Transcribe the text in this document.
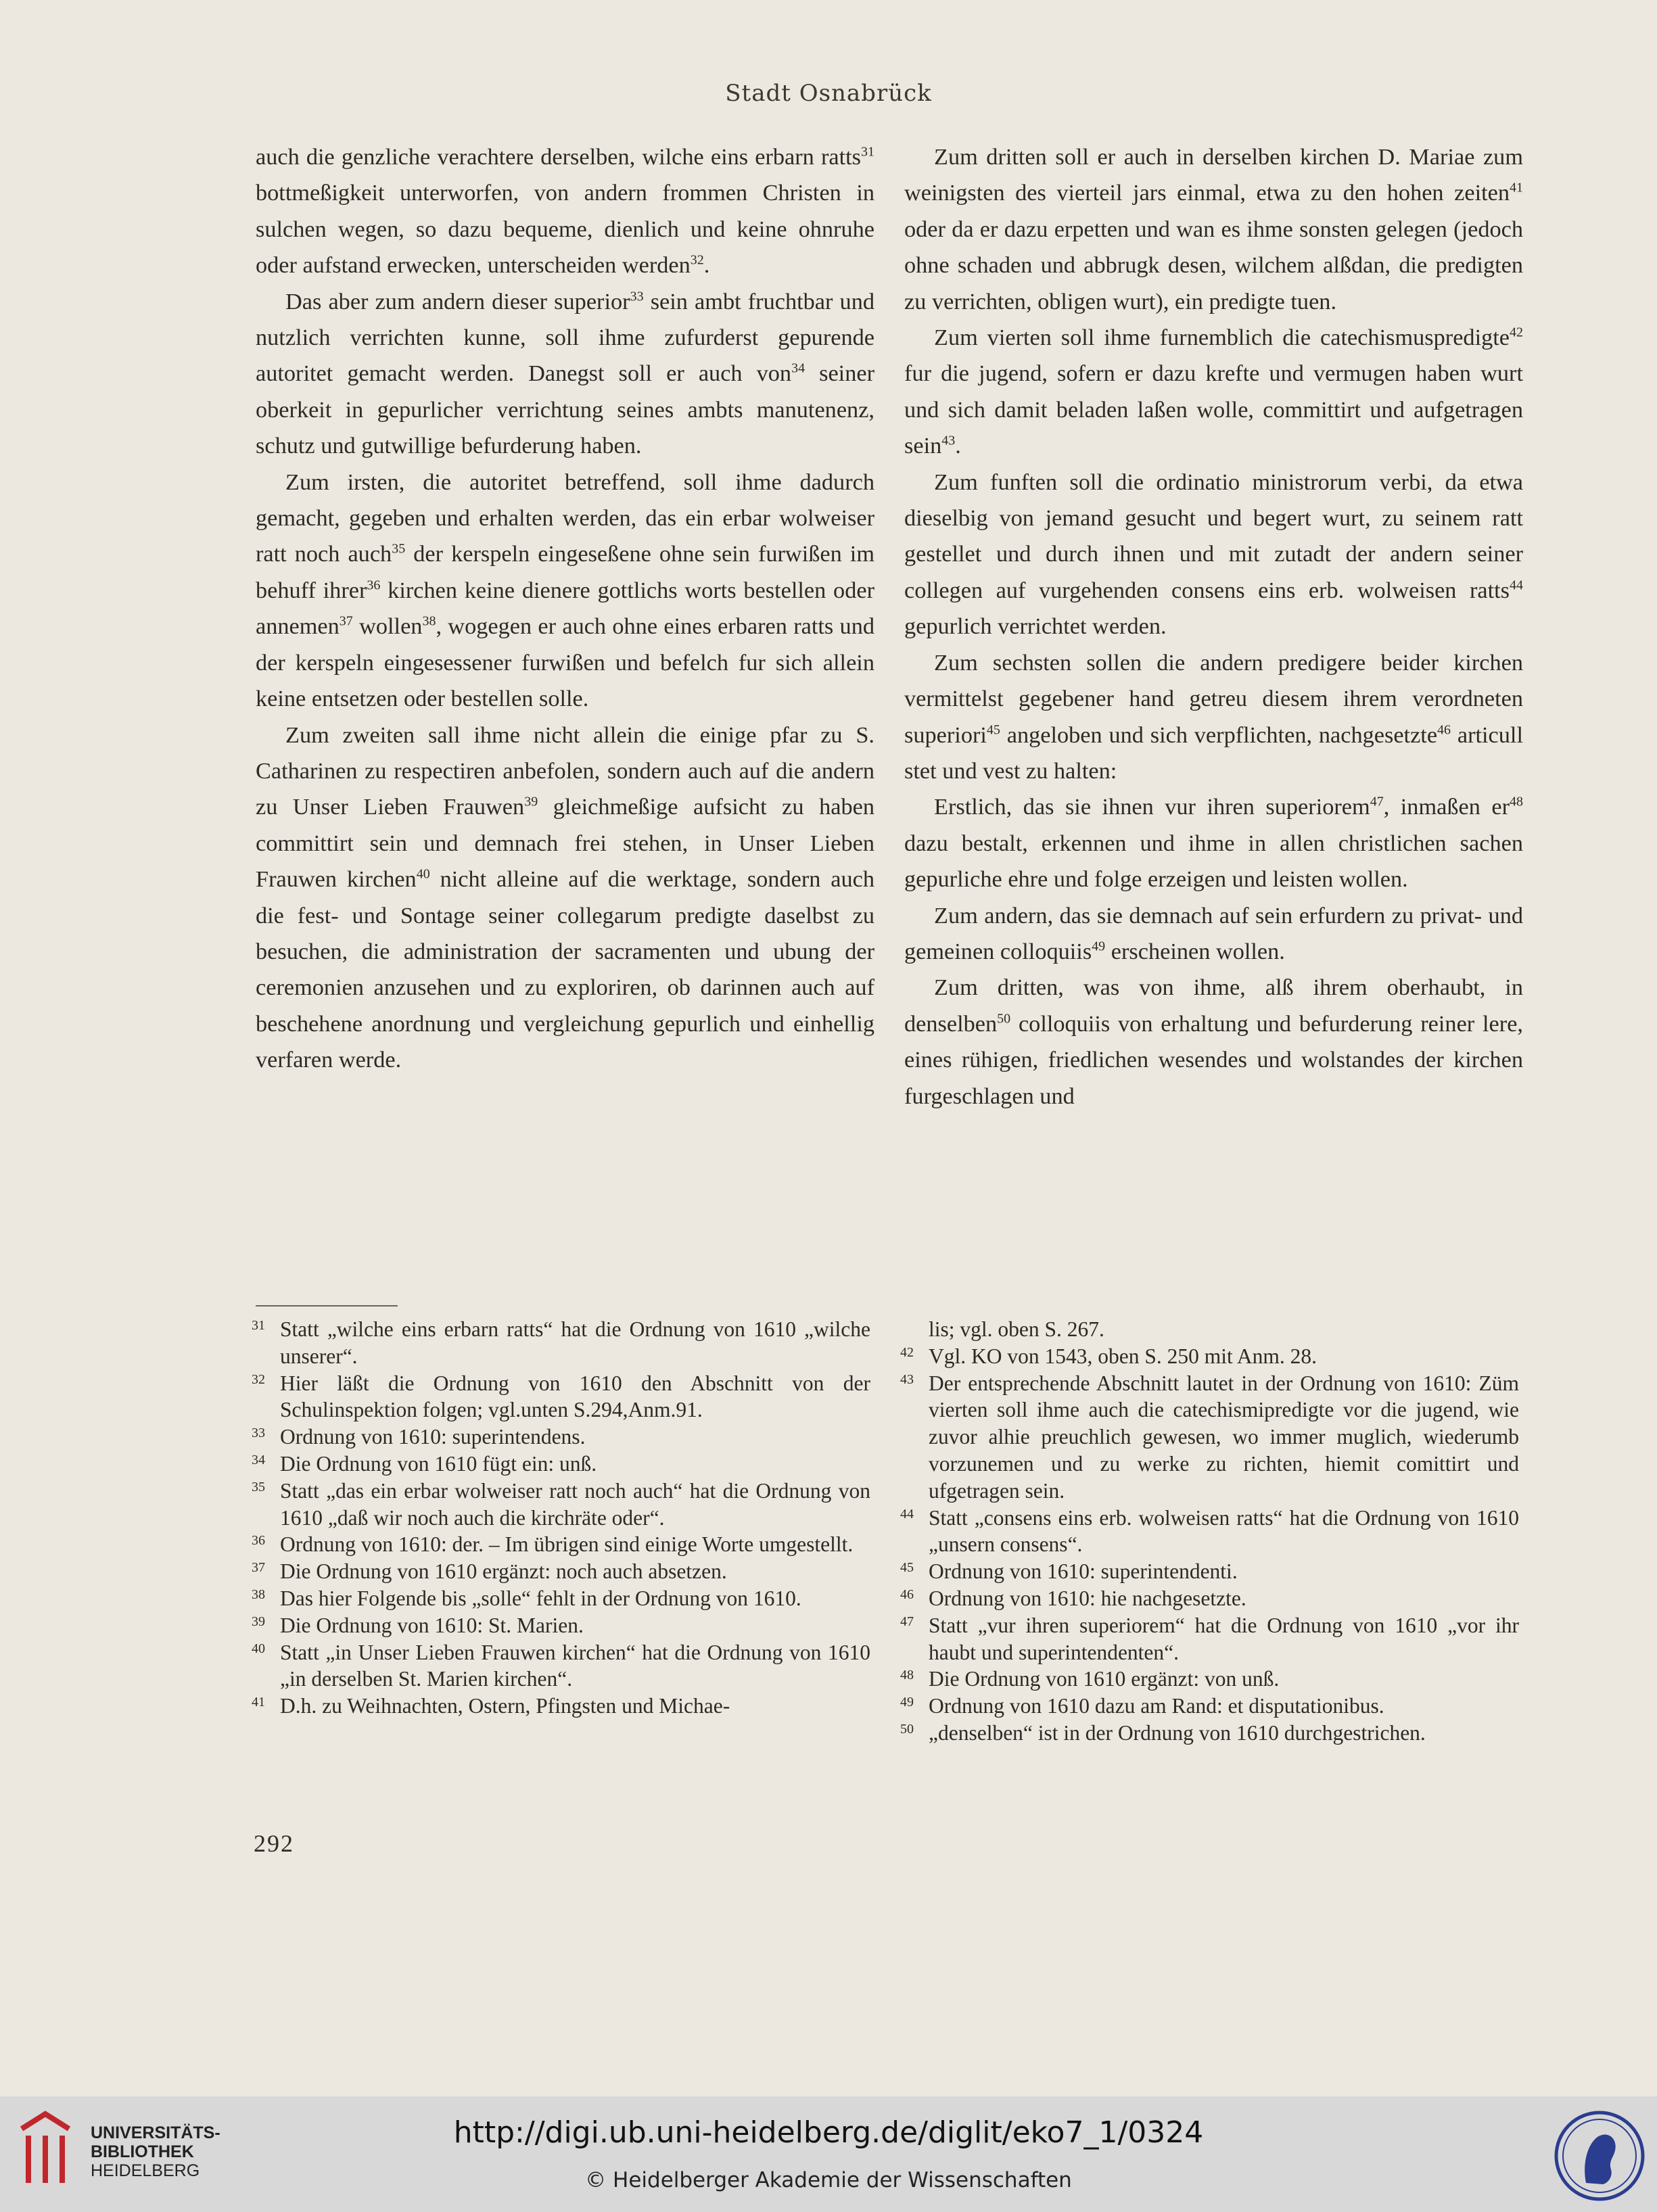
Stadt Osnabrück

auch die genzliche verachtere derselben, wilche eins erbarn ratts$^{31}$ bottmeßigkeit unterworfen, von andern frommen Christen in sulchen wegen, so dazu bequeme, dienlich und keine ohnruhe oder aufstand erwecken, unterscheiden werden$^{32}$.

Das aber zum andern dieser superior$^{33}$ sein ambt fruchtbar und nutzlich verrichten kunne, soll ihme zufurderst gepurende autoritet gemacht werden. Danegst soll er auch von$^{34}$ seiner oberkeit in gepurlicher verrichtung seines ambts manutenenz, schutz und gutwillige befurderung haben.

Zum irsten, die autoritet betreffend, soll ihme dadurch gemacht, gegeben und erhalten werden, das ein erbar wolweiser ratt noch auch$^{35}$ der kerspeln eingeseßene ohne sein furwißen im behuff ihrer$^{36}$ kirchen keine dienere gottlichs worts bestellen oder annemen$^{37}$ wollen$^{38}$, wogegen er auch ohne eines erbaren ratts und der kerspeln eingesessener furwißen und befelch fur sich allein keine entsetzen oder bestellen solle.

Zum zweiten sall ihme nicht allein die einige pfar zu S. Catharinen zu respectiren anbefolen, sondern auch auf die andern zu Unser Lieben Frauwen$^{39}$ gleichmeßige aufsicht zu haben committirt sein und demnach frei stehen, in Unser Lieben Frauwen kirchen$^{40}$ nicht alleine auf die werktage, sondern auch die fest- und Sontage seiner collegarum predigte daselbst zu besuchen, die administration der sacramenten und ubung der ceremonien anzusehen und zu exploriren, ob darinnen auch auf beschehene anordnung und vergleichung gepurlich und einhellig verfaren werde.

Zum dritten soll er auch in derselben kirchen D. Mariae zum weinigsten des vierteil jars einmal, etwa zu den hohen zeiten$^{41}$ oder da er dazu erpetten und wan es ihme sonsten gelegen (jedoch ohne schaden und abbrugk desen, wilchem alßdan, die predigten zu verrichten, obligen wurt), ein predigte tuen.

Zum vierten soll ihme furnemblich die catechismuspredigte$^{42}$ fur die jugend, sofern er dazu krefte und vermugen haben wurt und sich damit beladen laßen wolle, committirt und aufgetragen sein$^{43}$.

Zum funften soll die ordinatio ministrorum verbi, da etwa dieselbig von jemand gesucht und begert wurt, zu seinem ratt gestellet und durch ihnen und mit zutadt der andern seiner collegen auf vurgehenden consens eins erb. wolweisen ratts$^{44}$ gepurlich verrichtet werden.

Zum sechsten sollen die andern predigere beider kirchen vermittelst gegebener hand getreu diesem ihrem verordneten superiori$^{45}$ angeloben und sich verpflichten, nachgesetzte$^{46}$ articull stet und vest zu halten:

Erstlich, das sie ihnen vur ihren superiorem$^{47}$, inmaßen $er^{48}$ dazu bestalt, erkennen und ihme in allen christlichen sachen gepurliche ehre und folge erzeigen und leisten wollen.

Zum andern, das sie demnach auf sein erfurdern zu privat- und gemeinen colloquiis$^{49}$ erscheinen wollen.

Zum dritten, was von ihme, alß ihrem oberhaubt, in denselben$^{50}$ colloquiis von erhaltung und befurderung reiner lere, eines rühigen, friedlichen wesendes und wolstandes der kirchen furgeschlagen und

31 Statt „wilche eins erbarn ratts“ hat die Ordnung von 1610 „wilche unserer“.
32 Hier läßt die Ordnung von 1610 den Abschnitt von der Schulinspektion folgen; vgl.unten S.294,Anm.91.
33 Ordnung von 1610: superintendens.
34 Die Ordnung von 1610 fügt ein: unß.
35 Statt „das ein erbar wolweiser ratt noch auch“ hat die Ordnung von 1610 „daß wir noch auch die kirchräte oder“.
36 Ordnung von 1610: der. – Im übrigen sind einige Worte umgestellt.
37 Die Ordnung von 1610 ergänzt: noch auch absetzen.
38 Das hier Folgende bis „solle“ fehlt in der Ordnung von 1610.
39 Die Ordnung von 1610: St. Marien.
40 Statt „in Unser Lieben Frauwen kirchen“ hat die Ordnung von 1610 „in derselben St. Marien kirchen“.
41 D.h. zu Weihnachten, Ostern, Pfingsten und Michae-
lis; vgl. oben S. 267.
42 Vgl. KO von 1543, oben S. 250 mit Anm. 28.
43 Der entsprechende Abschnitt lautet in der Ordnung von 1610: Züm vierten soll ihme auch die catechismipredigte vor die jugend, wie zuvor alhie preuchlich gewesen, wo immer muglich, wiederumb vorzunemen und zu werke zu richten, hiemit comittirt und ufgetragen sein.
44 Statt „consens eins erb. wolweisen ratts“ hat die Ordnung von 1610 „unsern consens“.
45 Ordnung von 1610: superintendenti.
46 Ordnung von 1610: hie nachgesetzte.
47 Statt „vur ihren superiorem“ hat die Ordnung von 1610 „vor ihr haubt und superintendenten“.
48 Die Ordnung von 1610 ergänzt: von unß.
49 Ordnung von 1610 dazu am Rand: et disputationibus.
50 „denselben“ ist in der Ordnung von 1610 durchgestrichen.
292
UNIVERSITÄTS-
BIBLIOTHEK
HEIDELBERG
http://digi.ub.uni-heidelberg.de/diglit/eko7_1/0324
© Heidelberger Akademie der Wissenschaften
